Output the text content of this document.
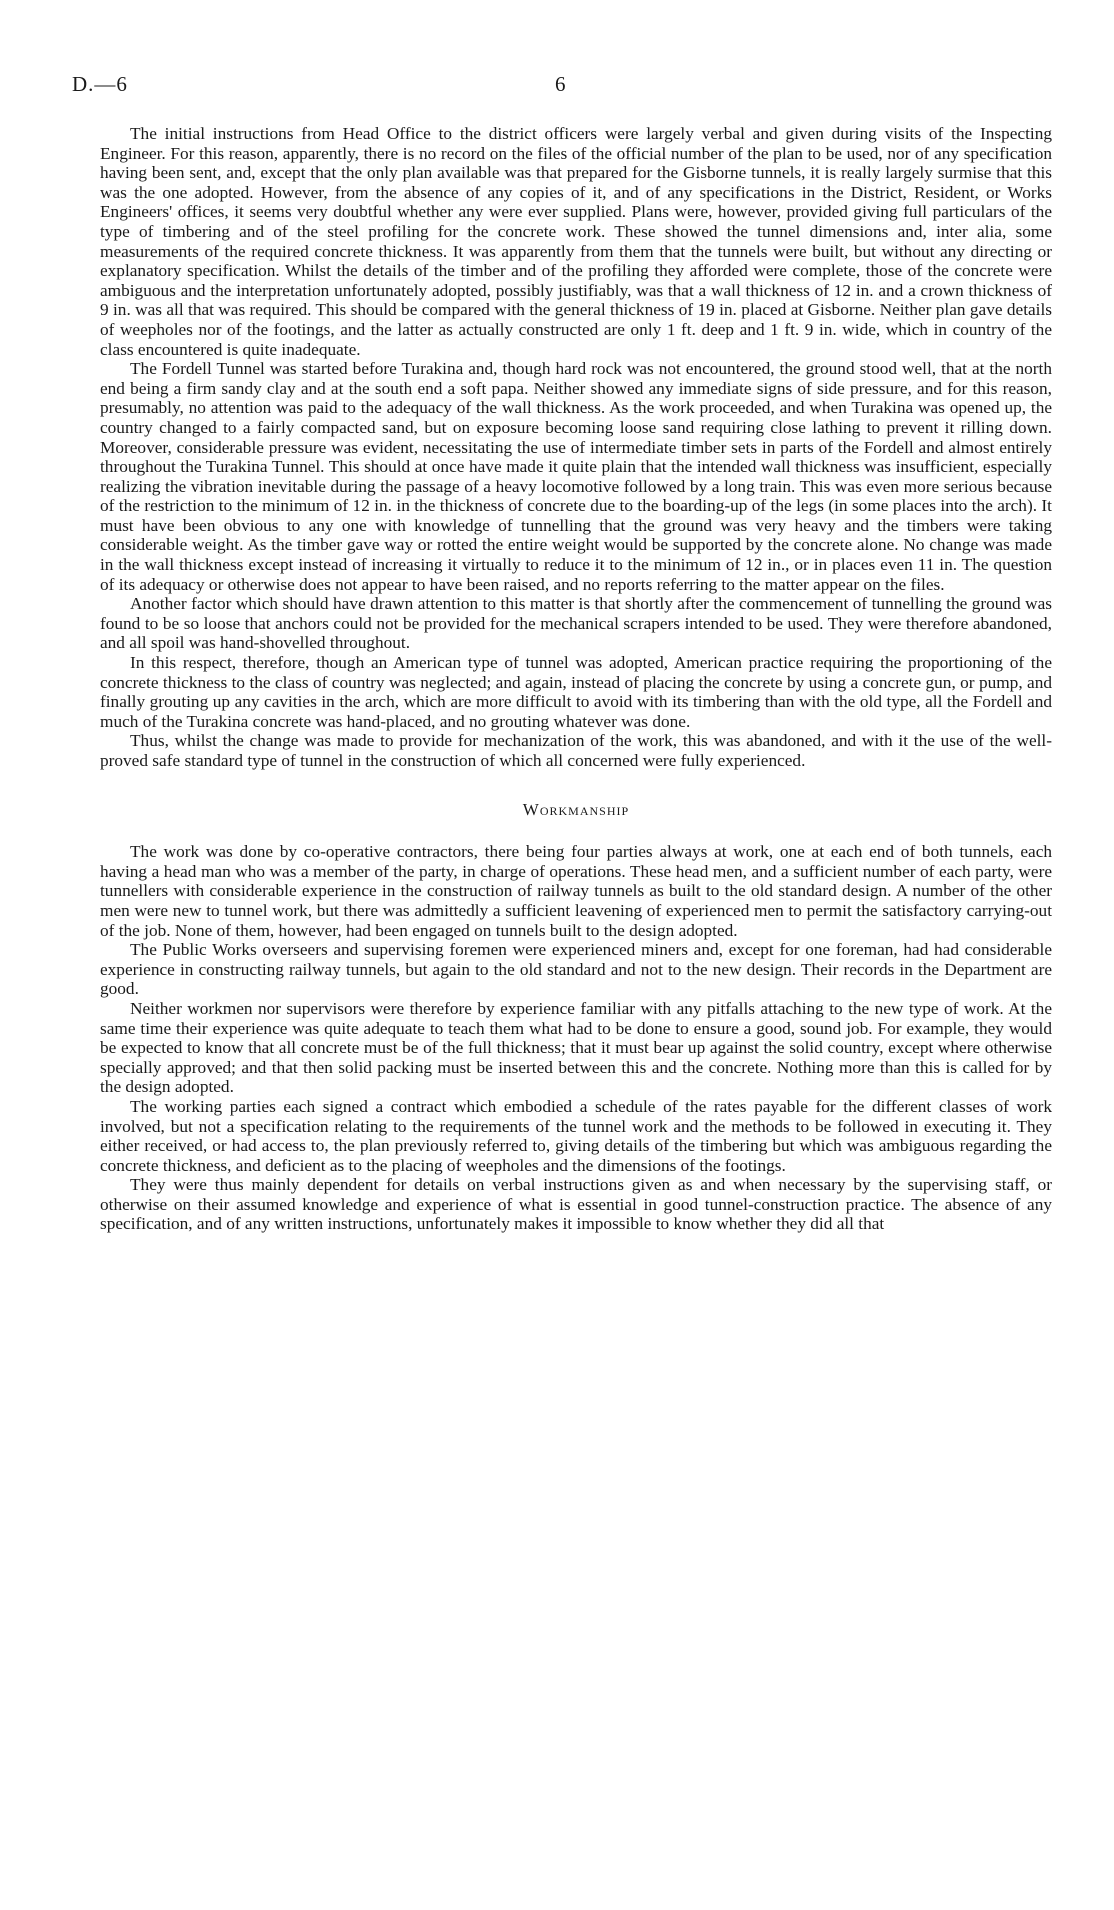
D.—6	6

The initial instructions from Head Office to the district officers were largely verbal and given during visits of the Inspecting Engineer. For this reason, apparently, there is no record on the files of the official number of the plan to be used, nor of any specification having been sent, and, except that the only plan available was that prepared for the Gisborne tunnels, it is really largely surmise that this was the one adopted. However, from the absence of any copies of it, and of any specifications in the District, Resident, or Works Engineers' offices, it seems very doubtful whether any were ever supplied. Plans were, however, provided giving full particulars of the type of timbering and of the steel profiling for the concrete work. These showed the tunnel dimensions and, inter alia, some measurements of the required concrete thickness. It was apparently from them that the tunnels were built, but without any directing or explanatory specification. Whilst the details of the timber and of the profiling they afforded were complete, those of the concrete were ambiguous and the interpretation unfortunately adopted, possibly justifiably, was that a wall thickness of 12 in. and a crown thickness of 9 in. was all that was required. This should be compared with the general thickness of 19 in. placed at Gisborne. Neither plan gave details of weepholes nor of the footings, and the latter as actually constructed are only 1 ft. deep and 1 ft. 9 in. wide, which in country of the class encountered is quite inadequate.

The Fordell Tunnel was started before Turakina and, though hard rock was not encountered, the ground stood well, that at the north end being a firm sandy clay and at the south end a soft papa. Neither showed any immediate signs of side pressure, and for this reason, presumably, no attention was paid to the adequacy of the wall thickness. As the work proceeded, and when Turakina was opened up, the country changed to a fairly compacted sand, but on exposure becoming loose sand requiring close lathing to prevent it rilling down. Moreover, considerable pressure was evident, necessitating the use of intermediate timber sets in parts of the Fordell and almost entirely throughout the Turakina Tunnel. This should at once have made it quite plain that the intended wall thickness was insufficient, especially realizing the vibration inevitable during the passage of a heavy locomotive followed by a long train. This was even more serious because of the restriction to the minimum of 12 in. in the thickness of concrete due to the boarding-up of the legs (in some places into the arch). It must have been obvious to any one with knowledge of tunnelling that the ground was very heavy and the timbers were taking considerable weight. As the timber gave way or rotted the entire weight would be supported by the concrete alone. No change was made in the wall thickness except instead of increasing it virtually to reduce it to the minimum of 12 in., or in places even 11 in. The question of its adequacy or otherwise does not appear to have been raised, and no reports referring to the matter appear on the files.

Another factor which should have drawn attention to this matter is that shortly after the commencement of tunnelling the ground was found to be so loose that anchors could not be provided for the mechanical scrapers intended to be used. They were therefore abandoned, and all spoil was hand-shovelled throughout.

In this respect, therefore, though an American type of tunnel was adopted, American practice requiring the proportioning of the concrete thickness to the class of country was neglected; and again, instead of placing the concrete by using a concrete gun, or pump, and finally grouting up any cavities in the arch, which are more difficult to avoid with its timbering than with the old type, all the Fordell and much of the Turakina concrete was hand-placed, and no grouting whatever was done.

Thus, whilst the change was made to provide for mechanization of the work, this was abandoned, and with it the use of the well-proved safe standard type of tunnel in the construction of which all concerned were fully experienced.

Workmanship

The work was done by co-operative contractors, there being four parties always at work, one at each end of both tunnels, each having a head man who was a member of the party, in charge of operations. These head men, and a sufficient number of each party, were tunnellers with considerable experience in the construction of railway tunnels as built to the old standard design. A number of the other men were new to tunnel work, but there was admittedly a sufficient leavening of experienced men to permit the satisfactory carrying-out of the job. None of them, however, had been engaged on tunnels built to the design adopted.

The Public Works overseers and supervising foremen were experienced miners and, except for one foreman, had had considerable experience in constructing railway tunnels, but again to the old standard and not to the new design. Their records in the Department are good.

Neither workmen nor supervisors were therefore by experience familiar with any pitfalls attaching to the new type of work. At the same time their experience was quite adequate to teach them what had to be done to ensure a good, sound job. For example, they would be expected to know that all concrete must be of the full thickness; that it must bear up against the solid country, except where otherwise specially approved; and that then solid packing must be inserted between this and the concrete. Nothing more than this is called for by the design adopted.

The working parties each signed a contract which embodied a schedule of the rates payable for the different classes of work involved, but not a specification relating to the requirements of the tunnel work and the methods to be followed in executing it. They either received, or had access to, the plan previously referred to, giving details of the timbering but which was ambiguous regarding the concrete thickness, and deficient as to the placing of weepholes and the dimensions of the footings.

They were thus mainly dependent for details on verbal instructions given as and when necessary by the supervising staff, or otherwise on their assumed knowledge and experience of what is essential in good tunnel-construction practice. The absence of any specification, and of any written instructions, unfortunately makes it impossible to know whether they did all that
